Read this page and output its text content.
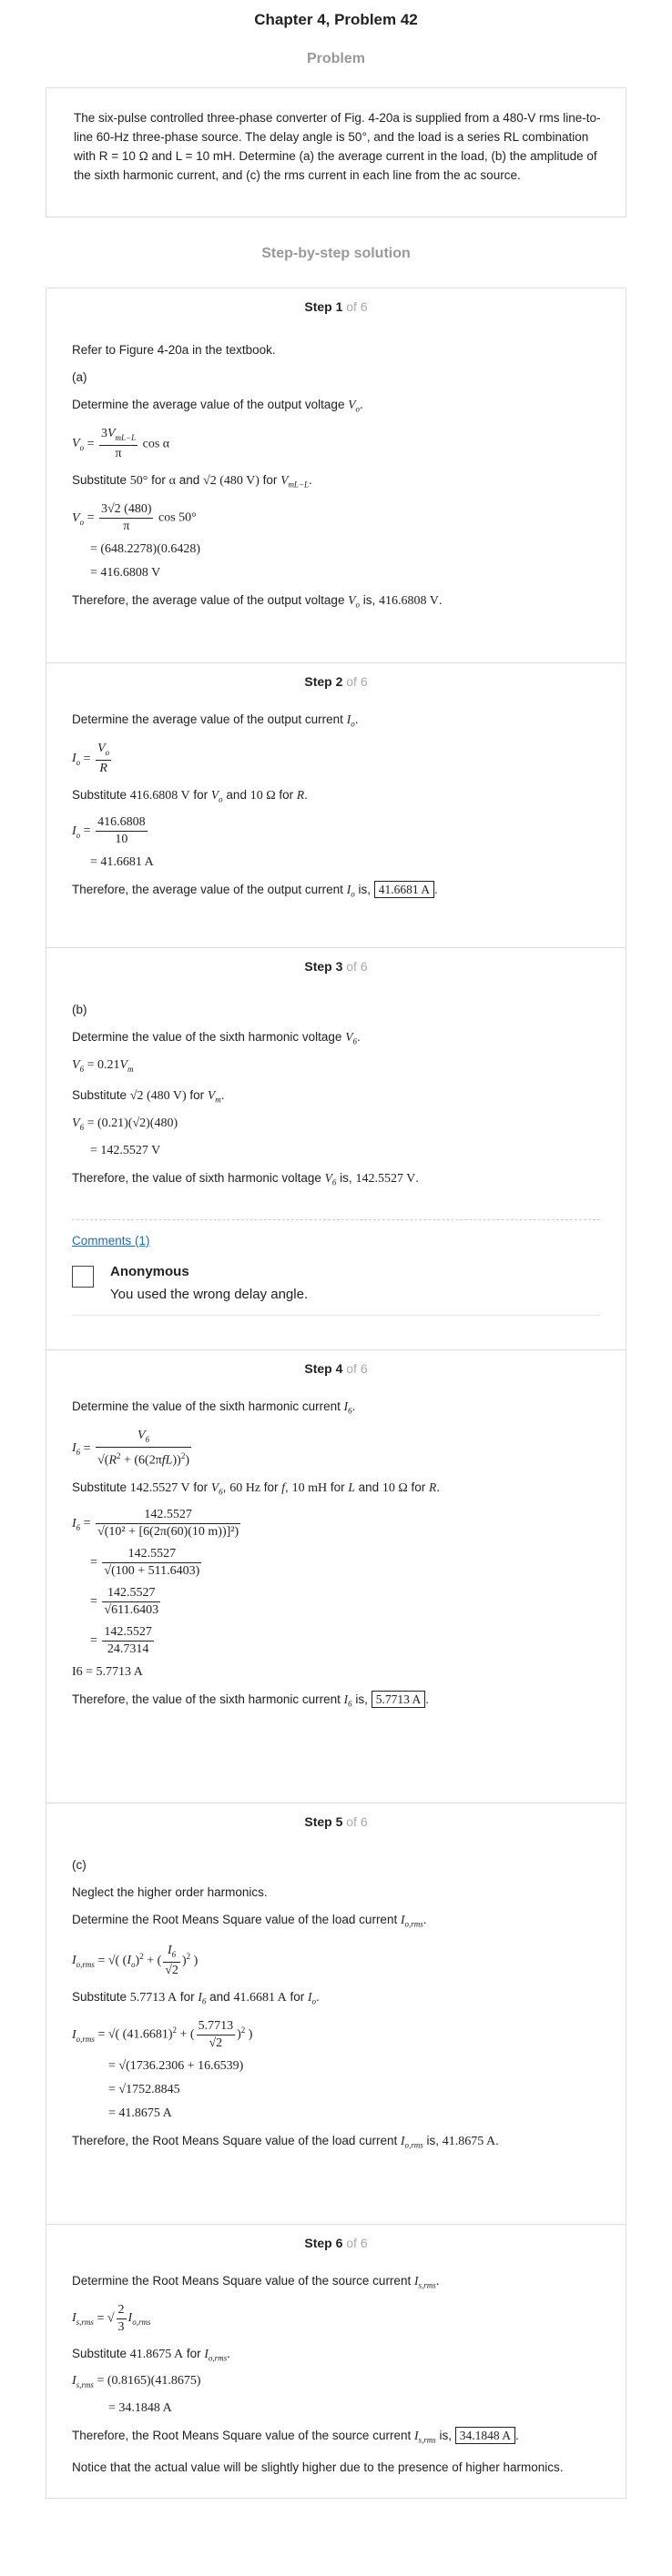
Chapter 4, Problem 42
Problem
The six-pulse controlled three-phase converter of Fig. 4-20a is supplied from a 480-V rms line-to-line 60-Hz three-phase source. The delay angle is 50°, and the load is a series RL combination with R = 10 Ω and L = 10 mH. Determine (a) the average current in the load, (b) the amplitude of the sixth harmonic current, and (c) the rms current in each line from the ac source.
Step-by-step solution
Step 1 of 6
Refer to Figure 4-20a in the textbook.
(a)
Determine the average value of the output voltage $V_o$.
$V_o = \frac{3V_{mL-L}}{\pi}$ cos α
Substitute 50° for α and √2 (480 V) for $V_{mL-L}$.
$V_o = \frac{3√2 (480)}{\pi}$ cos 50°
= (648.2278)(0.6428)
= 416.6808 V
Therefore, the average value of the output voltage $V_o$ is, 416.6808 V.
Step 2 of 6
Determine the average value of the output current $I_o$.
$I_o = \frac{V_o}{R}$
Substitute 416.6808 V for $V_o$ and 10 Ω for R.
$I_o = \frac{416.6808}{10}$
= 41.6681 A
Therefore, the average value of the output current $I_o$ is, 41.6681 A .
Step 3 of 6
(b)
Determine the value of the sixth harmonic voltage $V_6$.
$V_6 = 0.21V_m$
Substitute √2 (480 V) for $V_m$.
$V_6 = (0.21)(√2)(480)$
= 142.5527 V
Therefore, the value of sixth harmonic voltage $V_6$ is, 142.5527 V.
Comments (1)
Anonymous
You used the wrong delay angle.
Step 4 of 6
Determine the value of the sixth harmonic current $I_6$.
$I_6 = \frac{V_6}{√(R^2 + (6(2\pi fL))^2)}$
Substitute 142.5527 V for $V_6$, 60 Hz for f, 10 mH for L and 10 Ω for R.
$I_6 = \frac{142.5527}{\text{√(10² + [6(2π(60)(10 m))]²)}}$
= $\frac{142.5527}{√(100 + 511.6403)}$
= $\frac{142.5527}{√611.6403}$
= $\frac{142.5527}{24.7314}$
I6 = 5.7713 A
Therefore, the value of the sixth harmonic current $I_6$ is, 5.7713 A .
Step 5 of 6
(c)
Neglect the higher order harmonics.
Determine the Root Means Square value of the load current $I_{o,rms}$.
$I_{o,rms}$ = √( $(I_o)^2$ + ( $\frac{I_6}{√2} )^2$ )
Substitute 5.7713 A for $I_6$ and 41.6681 A for $I_o$.
$I_{o,rms}$ = √( $(41.6681)^2$ + ( $\frac{5.7713}{√2} )^2$ )
= √(1736.2306 + 16.6539)
= √1752.8845
= 41.8675 A
Therefore, the Root Means Square value of the load current $I_{o,rms}$ is, 41.8675 A.
Step 6 of 6
Determine the Root Means Square value of the source current $I_{s,rms}$.
$I_{s,rms}$ = √ $\frac{2}{3} I_{o,rms}$
Substitute 41.8675 A for $I_{o,rms}$.
$I_{s,rms} = (0.8165)(41.8675)$
= 34.1848 A
Therefore, the Root Means Square value of the source current $I_{s,rms}$ is, 34.1848 A .
Notice that the actual value will be slightly higher due to the presence of higher harmonics.
